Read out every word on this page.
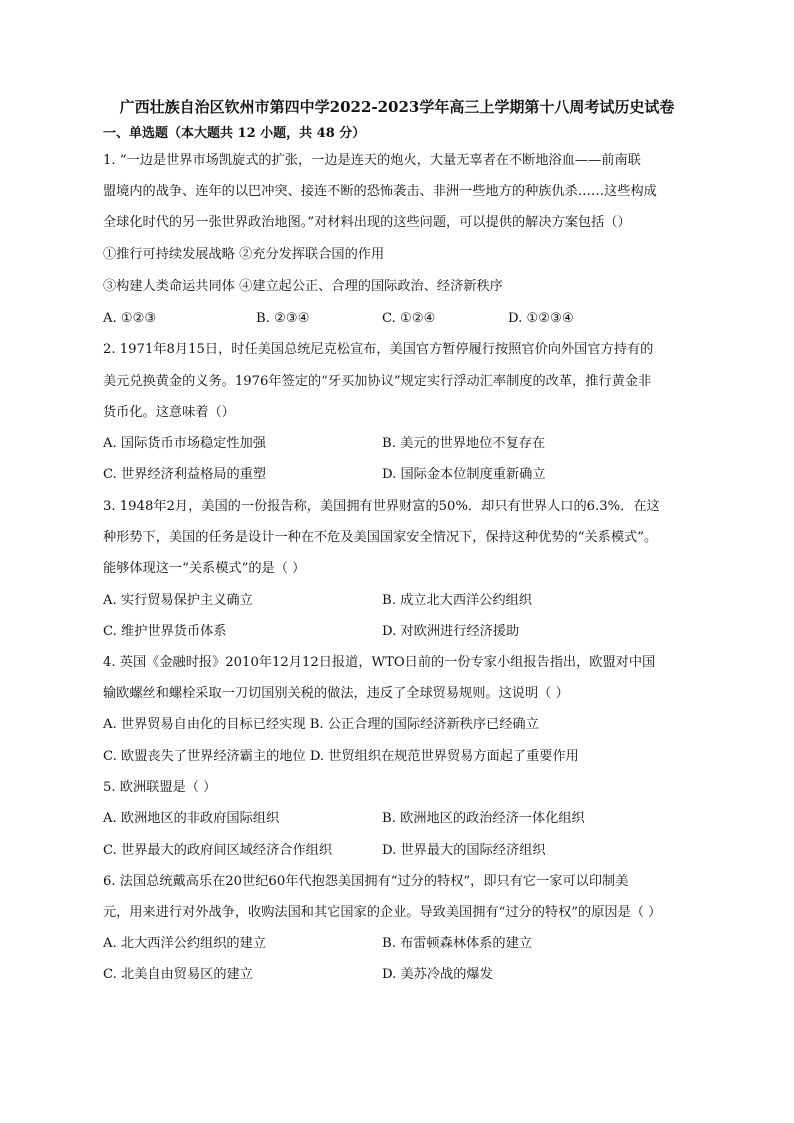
广西壮族自治区钦州市第四中学2022-2023学年高三上学期第十八周考试历史试卷
一、单选题（本大题共 12 小题，共 48 分）
1. “一边是世界市场凯旋式的扩张，一边是连天的炮火，大量无辜者在不断地浴血——前南联
盟境内的战争、连年的以巴冲突、接连不断的恐怖袭击、非洲一些地方的种族仇杀……这些构成
全球化时代的另一张世界政治地图。”对材料出现的这些问题，可以提供的解决方案包括（）
①推行可持续发展战略 ②充分发挥联合国的作用
③构建人类命运共同体 ④建立起公正、合理的国际政治、经济新秩序
A. ①②③	B. ②③④	C. ①②④	D. ①②③④
2. 1971年8月15日，时任美国总统尼克松宣布，美国官方暂停履行按照官价向外国官方持有的
美元兑换黄金的义务。1976年签定的“牙买加协议”规定实行浮动汇率制度的改革，推行黄金非
货币化。这意味着（）
A. 国际货币市场稳定性加强	B. 美元的世界地位不复存在
C. 世界经济利益格局的重塑	D. 国际金本位制度重新确立
3. 1948年2月，美国的一份报告称，美国拥有世界财富的50%．却只有世界人口的6.3%．在这
种形势下，美国的任务是设计一种在不危及美国国家安全情况下，保持这种优势的“关系模式”。
能够体现这一“关系模式”的是（ ）
A. 实行贸易保护主义确立	B. 成立北大西洋公约组织
C. 维护世界货币体系	D. 对欧洲进行经济援助
4. 英国《金融时报》2010年12月12日报道，WTO日前的一份专家小组报告指出，欧盟对中国
输欧螺丝和螺栓采取一刀切国别关税的做法，违反了全球贸易规则。这说明（ ）
A. 世界贸易自由化的目标已经实现 B. 公正合理的国际经济新秩序已经确立
C. 欧盟丧失了世界经济霸主的地位 D. 世贸组织在规范世界贸易方面起了重要作用
5. 欧洲联盟是（ ）
A. 欧洲地区的非政府国际组织	B. 欧洲地区的政治经济一体化组织
C. 世界最大的政府间区域经济合作组织	D. 世界最大的国际经济组织
6. 法国总统戴高乐在20世纪60年代抱怨美国拥有“过分的特权”，即只有它一家可以印制美
元，用来进行对外战争，收购法国和其它国家的企业。导致美国拥有“过分的特权”的原因是（ ）
A. 北大西洋公约组织的建立	B. 布雷顿森林体系的建立
C. 北美自由贸易区的建立	D. 美苏冷战的爆发
